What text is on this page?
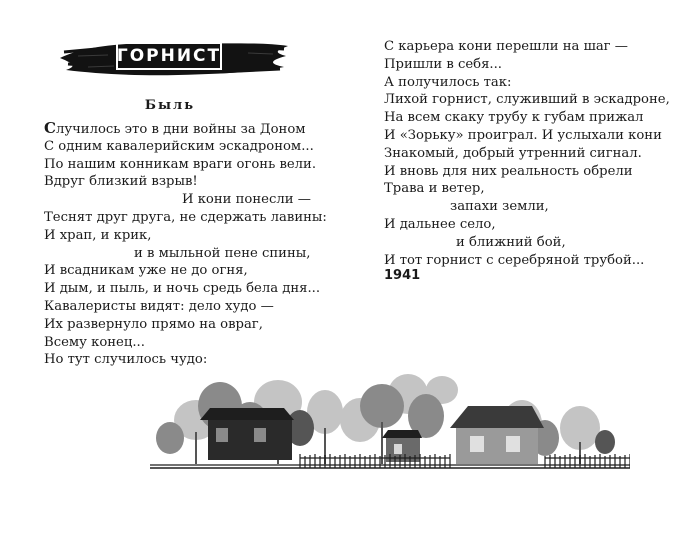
ГОРНИСТ
Быль
Случилось это в дни войны за Доном
С одним кавалерийским эскадроном...
По нашим конникам враги огонь вели.
Вдруг близкий взрыв!
И кони понесли —
Теснят друг друга, не сдержать лавины:
И храп, и крик,
и в мыльной пене спины,
И всадникам уже не до огня,
И дым, и пыль, и ночь средь бела дня...
Кавалеристы видят: дело худо —
Их развернуло прямо на овраг,
Всему конец...
Но тут случилось чудо:
С карьера кони перешли на шаг —
Пришли в себя...
А получилось так:
Лихой горнист, служивший в эскадроне,
На всем скаку трубу к губам прижал
И «Зорьку» проиграл. И услыхали кони
Знакомый, добрый утренний сигнал.
И вновь для них реальность обрели
Трава и ветер,
запахи земли,
И дальнее село,
и ближний бой,
И тот горнист с серебряной трубой...
1941
